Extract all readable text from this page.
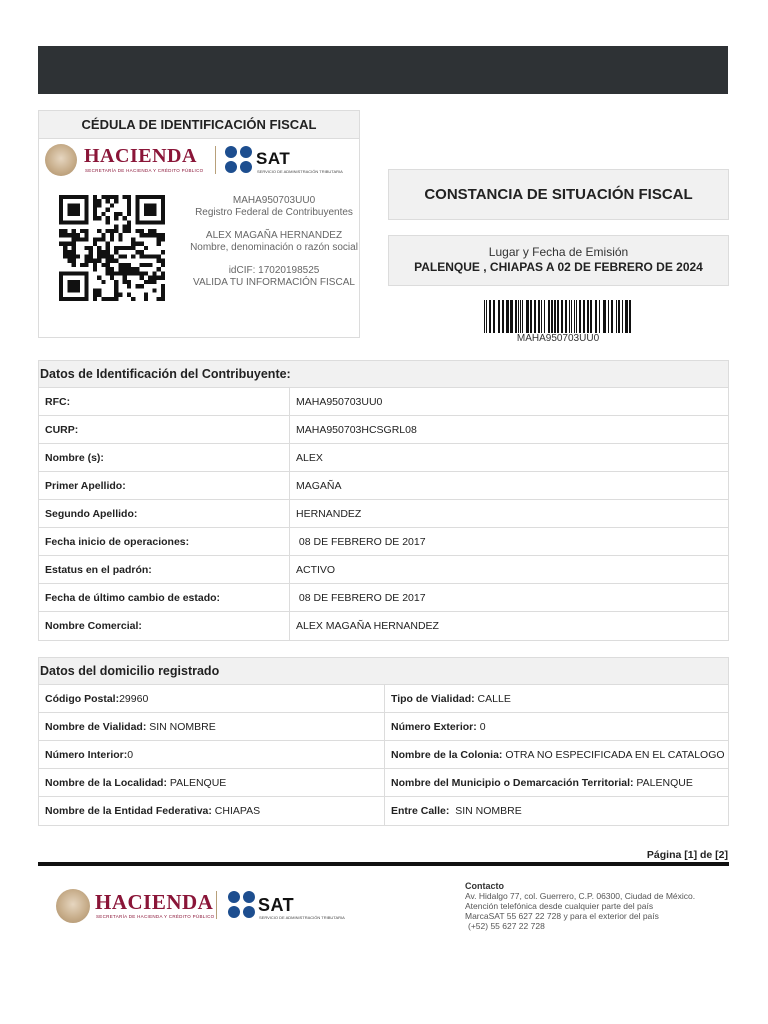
CÉDULA DE IDENTIFICACIÓN FISCAL
HACIENDA
SECRETARÍA DE HACIENDA Y CRÉDITO PÚBLICO
SAT
SERVICIO DE ADMINISTRACIÓN TRIBUTARIA
MAHA950703UU0
Registro Federal de Contribuyentes
ALEX MAGAÑA HERNANDEZ
Nombre, denominación o razón social
idCIF: 17020198525
VALIDA TU INFORMACIÓN FISCAL
CONSTANCIA DE SITUACIÓN FISCAL
Lugar y Fecha de Emisión
PALENQUE , CHIAPAS A 02 DE FEBRERO DE 2024
MAHA950703UU0
Datos de Identificación del Contribuyente:
RFC:	MAHA950703UU0
CURP:	MAHA950703HCSGRL08
Nombre (s):	ALEX
Primer Apellido:	MAGAÑA
Segundo Apellido:	HERNANDEZ
Fecha inicio de operaciones:	08 DE FEBRERO DE 2017
Estatus en el padrón:	ACTIVO
Fecha de último cambio de estado:	08 DE FEBRERO DE 2017
Nombre Comercial:	ALEX MAGAÑA HERNANDEZ
Datos del domicilio registrado
Código Postal:29960	Tipo de Vialidad: CALLE
Nombre de Vialidad: SIN NOMBRE	Número Exterior: 0
Número Interior:0	Nombre de la Colonia: OTRA NO ESPECIFICADA EN EL CATALOGO
Nombre de la Localidad: PALENQUE	Nombre del Municipio o Demarcación Territorial: PALENQUE
Nombre de la Entidad Federativa: CHIAPAS	Entre Calle:  SIN NOMBRE
Página [1] de [2]
HACIENDA
SECRETARÍA DE HACIENDA Y CRÉDITO PÚBLICO
SAT
SERVICIO DE ADMINISTRACIÓN TRIBUTARIA
Contacto
Av. Hidalgo 77, col. Guerrero, C.P. 06300, Ciudad de México.
Atención telefónica desde cualquier parte del país
MarcaSAT 55 627 22 728 y para el exterior del país
(+52) 55 627 22 728
